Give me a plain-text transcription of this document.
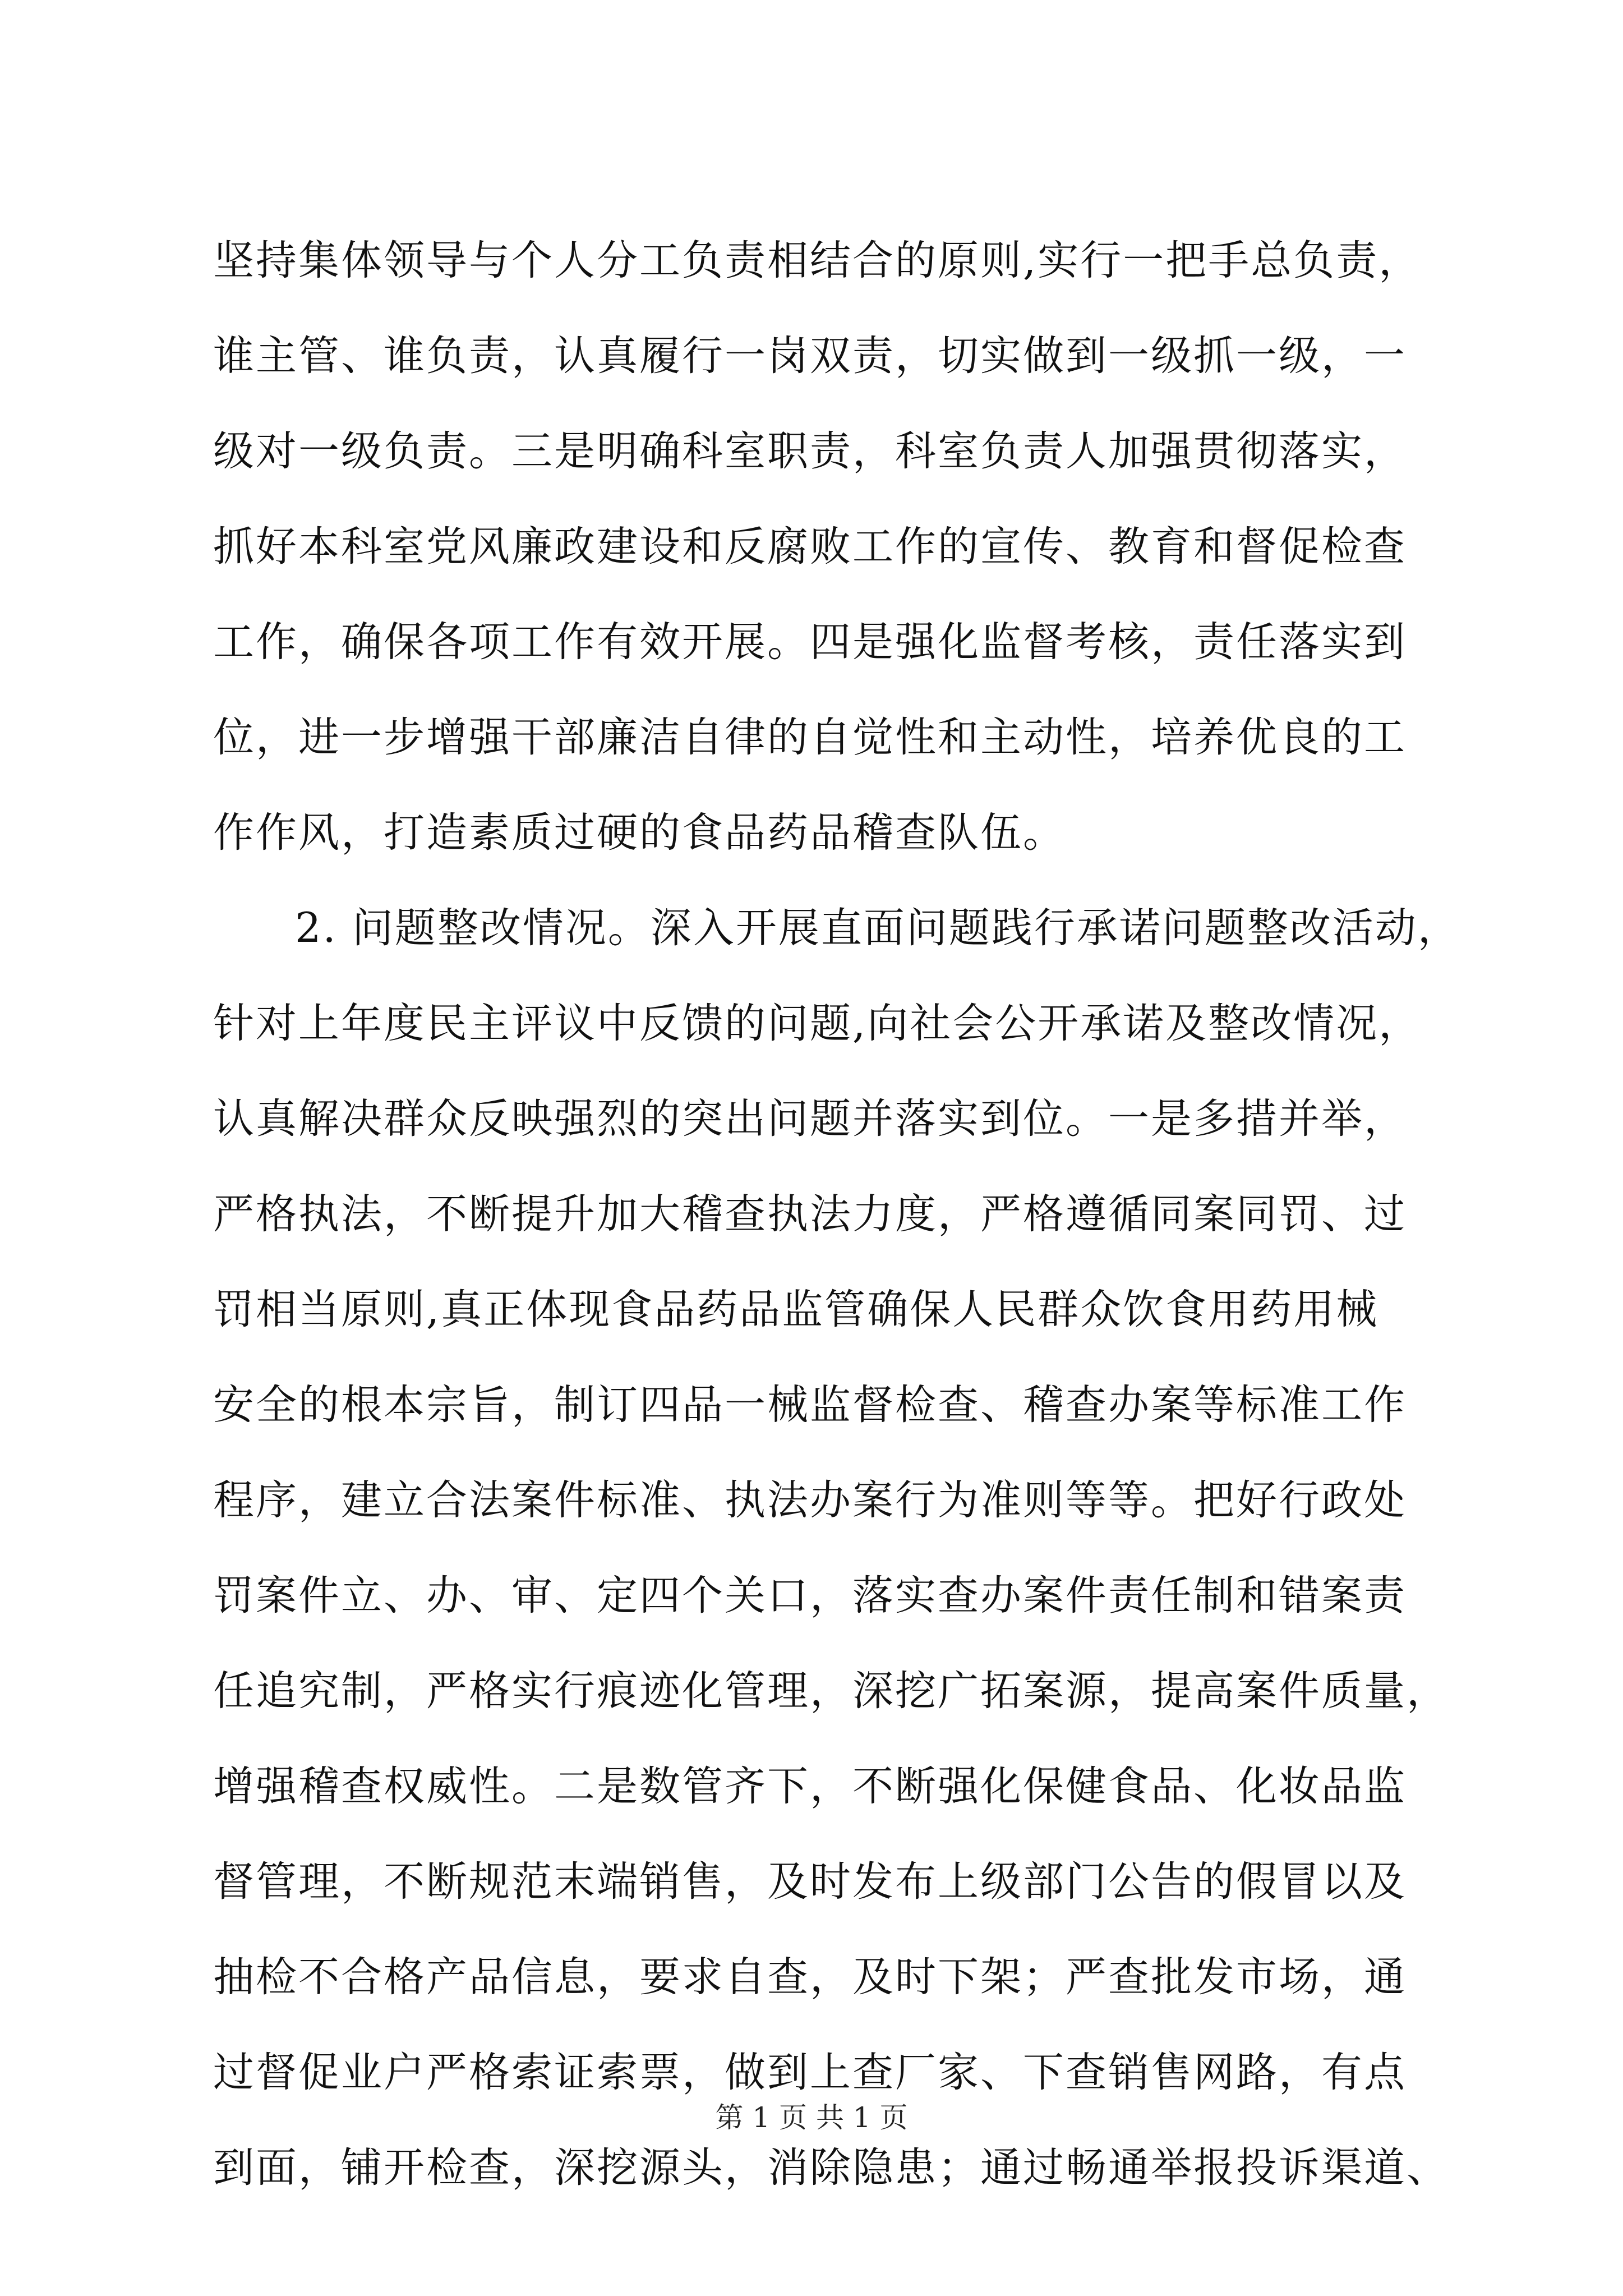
坚持集体领导与个人分工负责相结合的原则,实行一把手总负责，
谁主管、谁负责，认真履行一岗双责，切实做到一级抓一级，一
级对一级负责。三是明确科室职责，科室负责人加强贯彻落实，
抓好本科室党风廉政建设和反腐败工作的宣传、教育和督促检查
工作，确保各项工作有效开展。四是强化监督考核，责任落实到
位，进一步增强干部廉洁自律的自觉性和主动性，培养优良的工
作作风，打造素质过硬的食品药品稽查队伍。
2. 问题整改情况。深入开展直面问题践行承诺问题整改活动，
针对上年度民主评议中反馈的问题,向社会公开承诺及整改情况，
认真解决群众反映强烈的突出问题并落实到位。一是多措并举，
严格执法，不断提升加大稽查执法力度，严格遵循同案同罚、过
罚相当原则,真正体现食品药品监管确保人民群众饮食用药用械
安全的根本宗旨，制订四品一械监督检查、稽查办案等标准工作
程序，建立合法案件标准、执法办案行为准则等等。把好行政处
罚案件立、办、审、定四个关口，落实查办案件责任制和错案责
任追究制，严格实行痕迹化管理，深挖广拓案源，提高案件质量，
增强稽查权威性。二是数管齐下，不断强化保健食品、化妆品监
督管理，不断规范末端销售，及时发布上级部门公告的假冒以及
抽检不合格产品信息，要求自查，及时下架；严查批发市场，通
过督促业户严格索证索票，做到上查厂家、下查销售网路，有点
到面，铺开检查，深挖源头，消除隐患；通过畅通举报投诉渠道、
第 1 页 共 1 页
